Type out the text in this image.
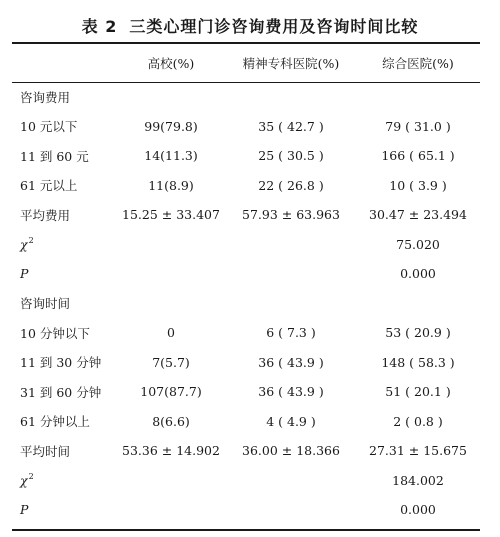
表 2 三类心理门诊咨询费用及咨询时间比较
	高校(%)	精神专科医院(%)	综合医院(%)
咨询费用			
10 元以下	99(79.8)	35 ( 42.7 )	79 ( 31.0 )
11 到 60 元	14(11.3)	25 ( 30.5 )	166 ( 65.1 )
61 元以上	11(8.9)	22 ( 26.8 )	10 ( 3.9 )
平均费用	15.25 ± 33.407	57.93 ± 63.963	30.47 ± 23.494
$\chi^2$			75.020
P			0.000
咨询时间			
10 分钟以下	0	6 ( 7.3 )	53 ( 20.9 )
11 到 30 分钟	7(5.7)	36 ( 43.9 )	148 ( 58.3 )
31 到 60 分钟	107(87.7)	36 ( 43.9 )	51 ( 20.1 )
61 分钟以上	8(6.6)	4 ( 4.9 )	2 ( 0.8 )
平均时间	53.36 ± 14.902	36.00 ± 18.366	27.31 ± 15.675
$\chi^2$			184.002
P			0.000
